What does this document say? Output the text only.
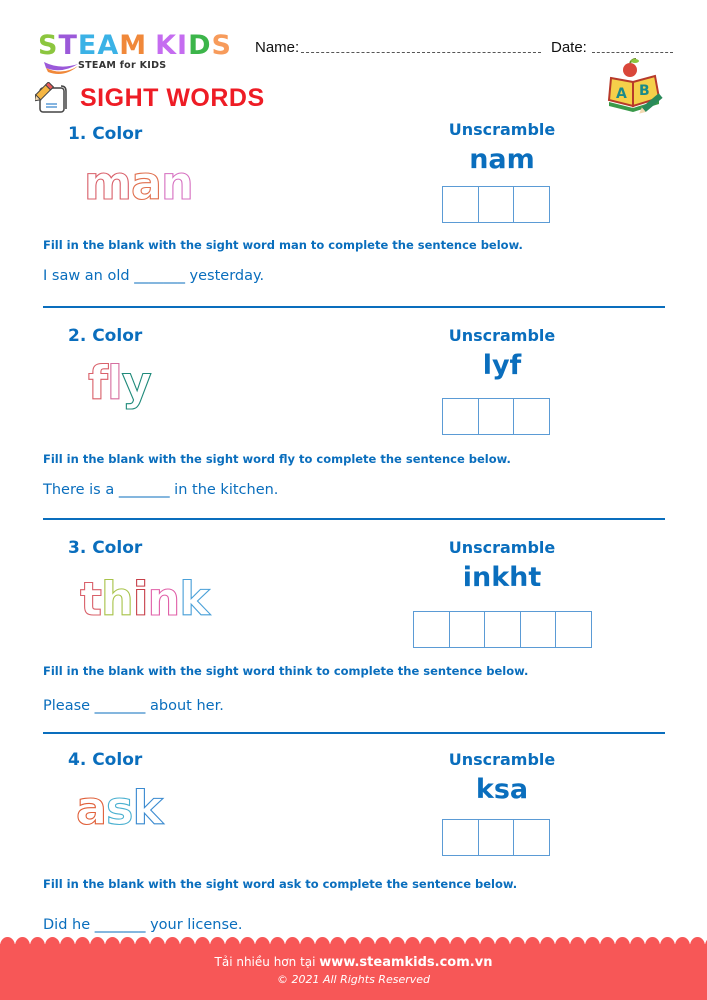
STEAM KIDS
STEAM for KIDS
Name:	Date:
SIGHT WORDS	A B
1. Color
man
Unscramble
nam
Fill in the blank with the sight word man to complete the sentence below.
I saw an old _______ yesterday.
2. Color
fly
Unscramble
lyf
Fill in the blank with the sight word fly to complete the sentence below.
There is a _______ in the kitchen.
3. Color
think
Unscramble
inkht
Fill in the blank with the sight word think to complete the sentence below.
Please _______ about her.
4. Color
ask
Unscramble
ksa
Fill in the blank with the sight word ask to complete the sentence below.
Did he _______ your license.
Tải nhiều hơn tại www.steamkids.com.vn
© 2021 All Rights Reserved
